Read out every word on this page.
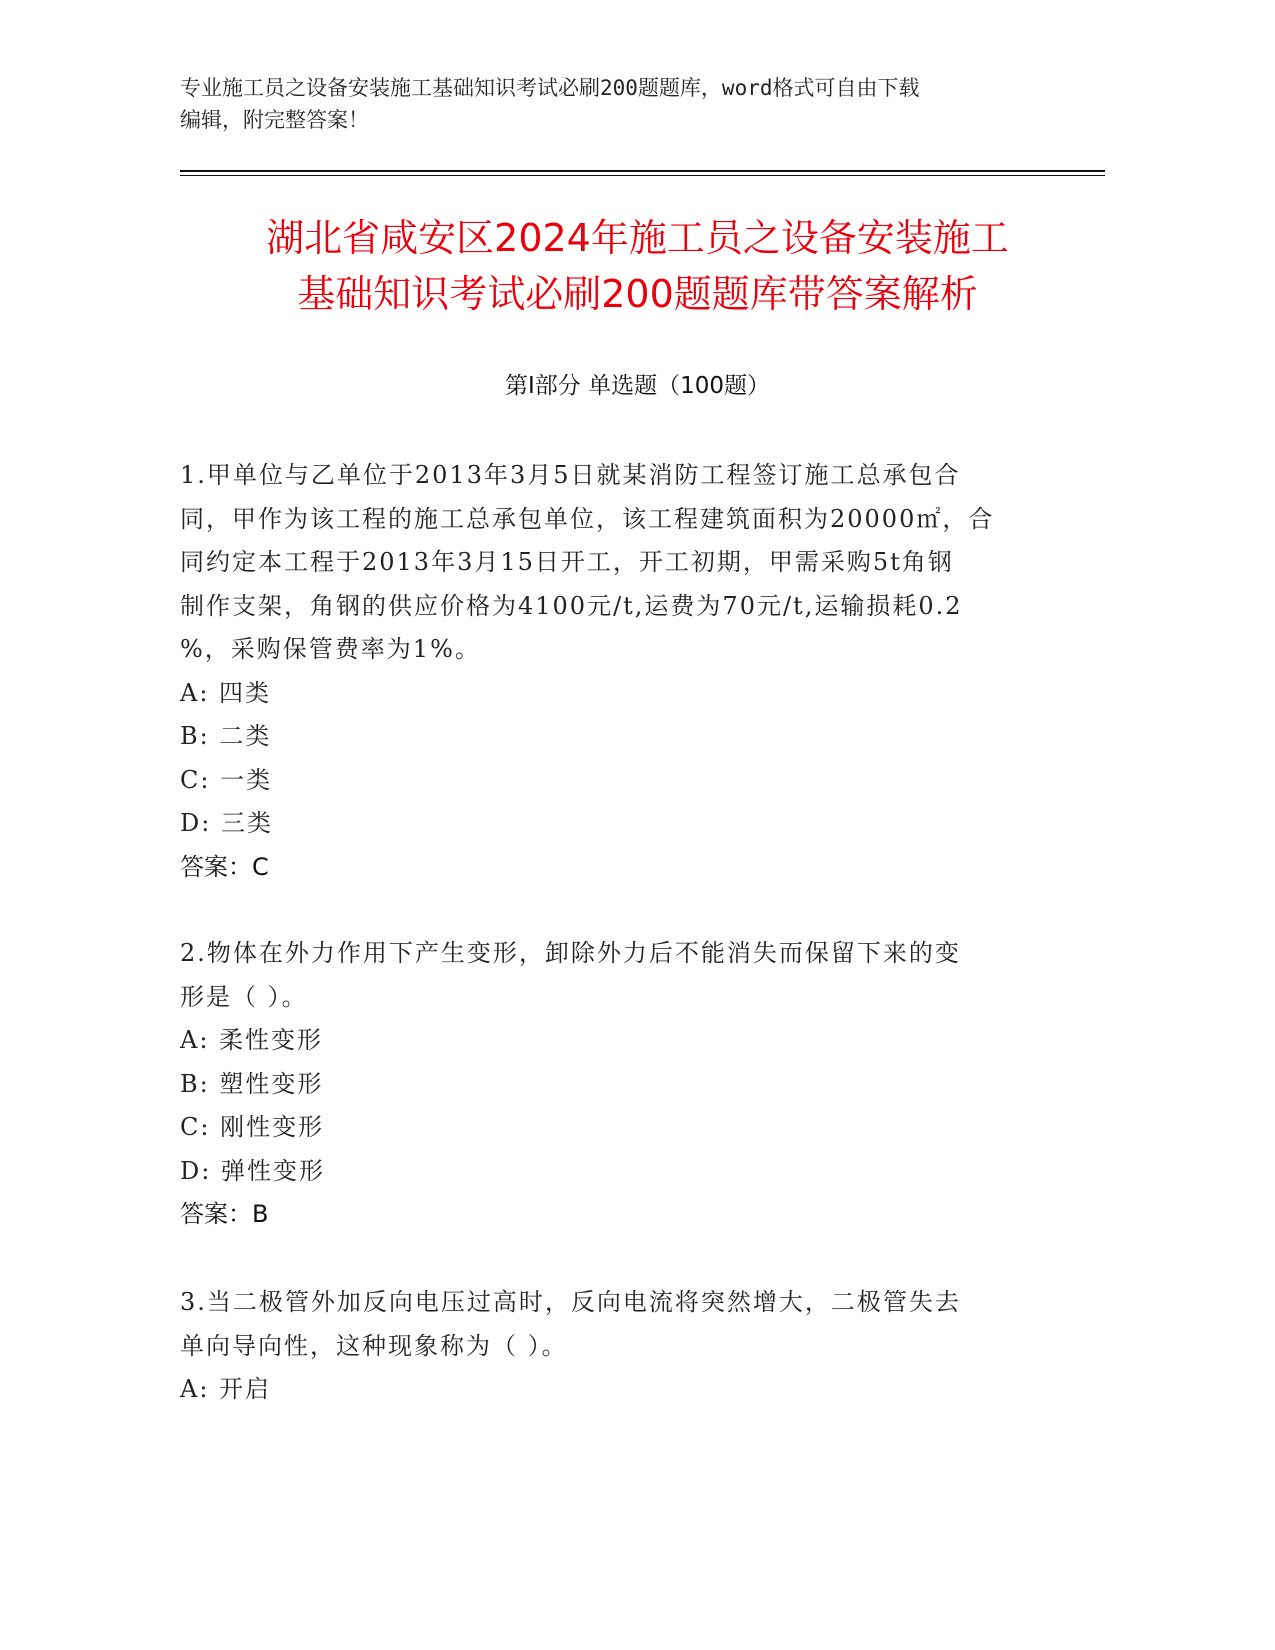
专业施工员之设备安装施工基础知识考试必刷200题题库，word格式可自由下载
编辑，附完整答案！
湖北省咸安区2024年施工员之设备安装施工
基础知识考试必刷200题题库带答案解析
第Ⅰ部分 单选题（100题）
1.甲单位与乙单位于2013年3月5日就某消防工程签订施工总承包合
同，甲作为该工程的施工总承包单位，该工程建筑面积为20000㎡，合
同约定本工程于2013年3月15日开工，开工初期，甲需采购5t角钢
制作支架，角钢的供应价格为4100元/t,运费为70元/t,运输损耗0.2
%，采购保管费率为1%。
A: 四类
B: 二类
C: 一类
D: 三类
答案：C
2.物体在外力作用下产生变形，卸除外力后不能消失而保留下来的变
形是（ ）。
A: 柔性变形
B: 塑性变形
C: 刚性变形
D: 弹性变形
答案：B
3.当二极管外加反向电压过高时，反向电流将突然增大，二极管失去
单向导向性，这种现象称为（ ）。
A: 开启
